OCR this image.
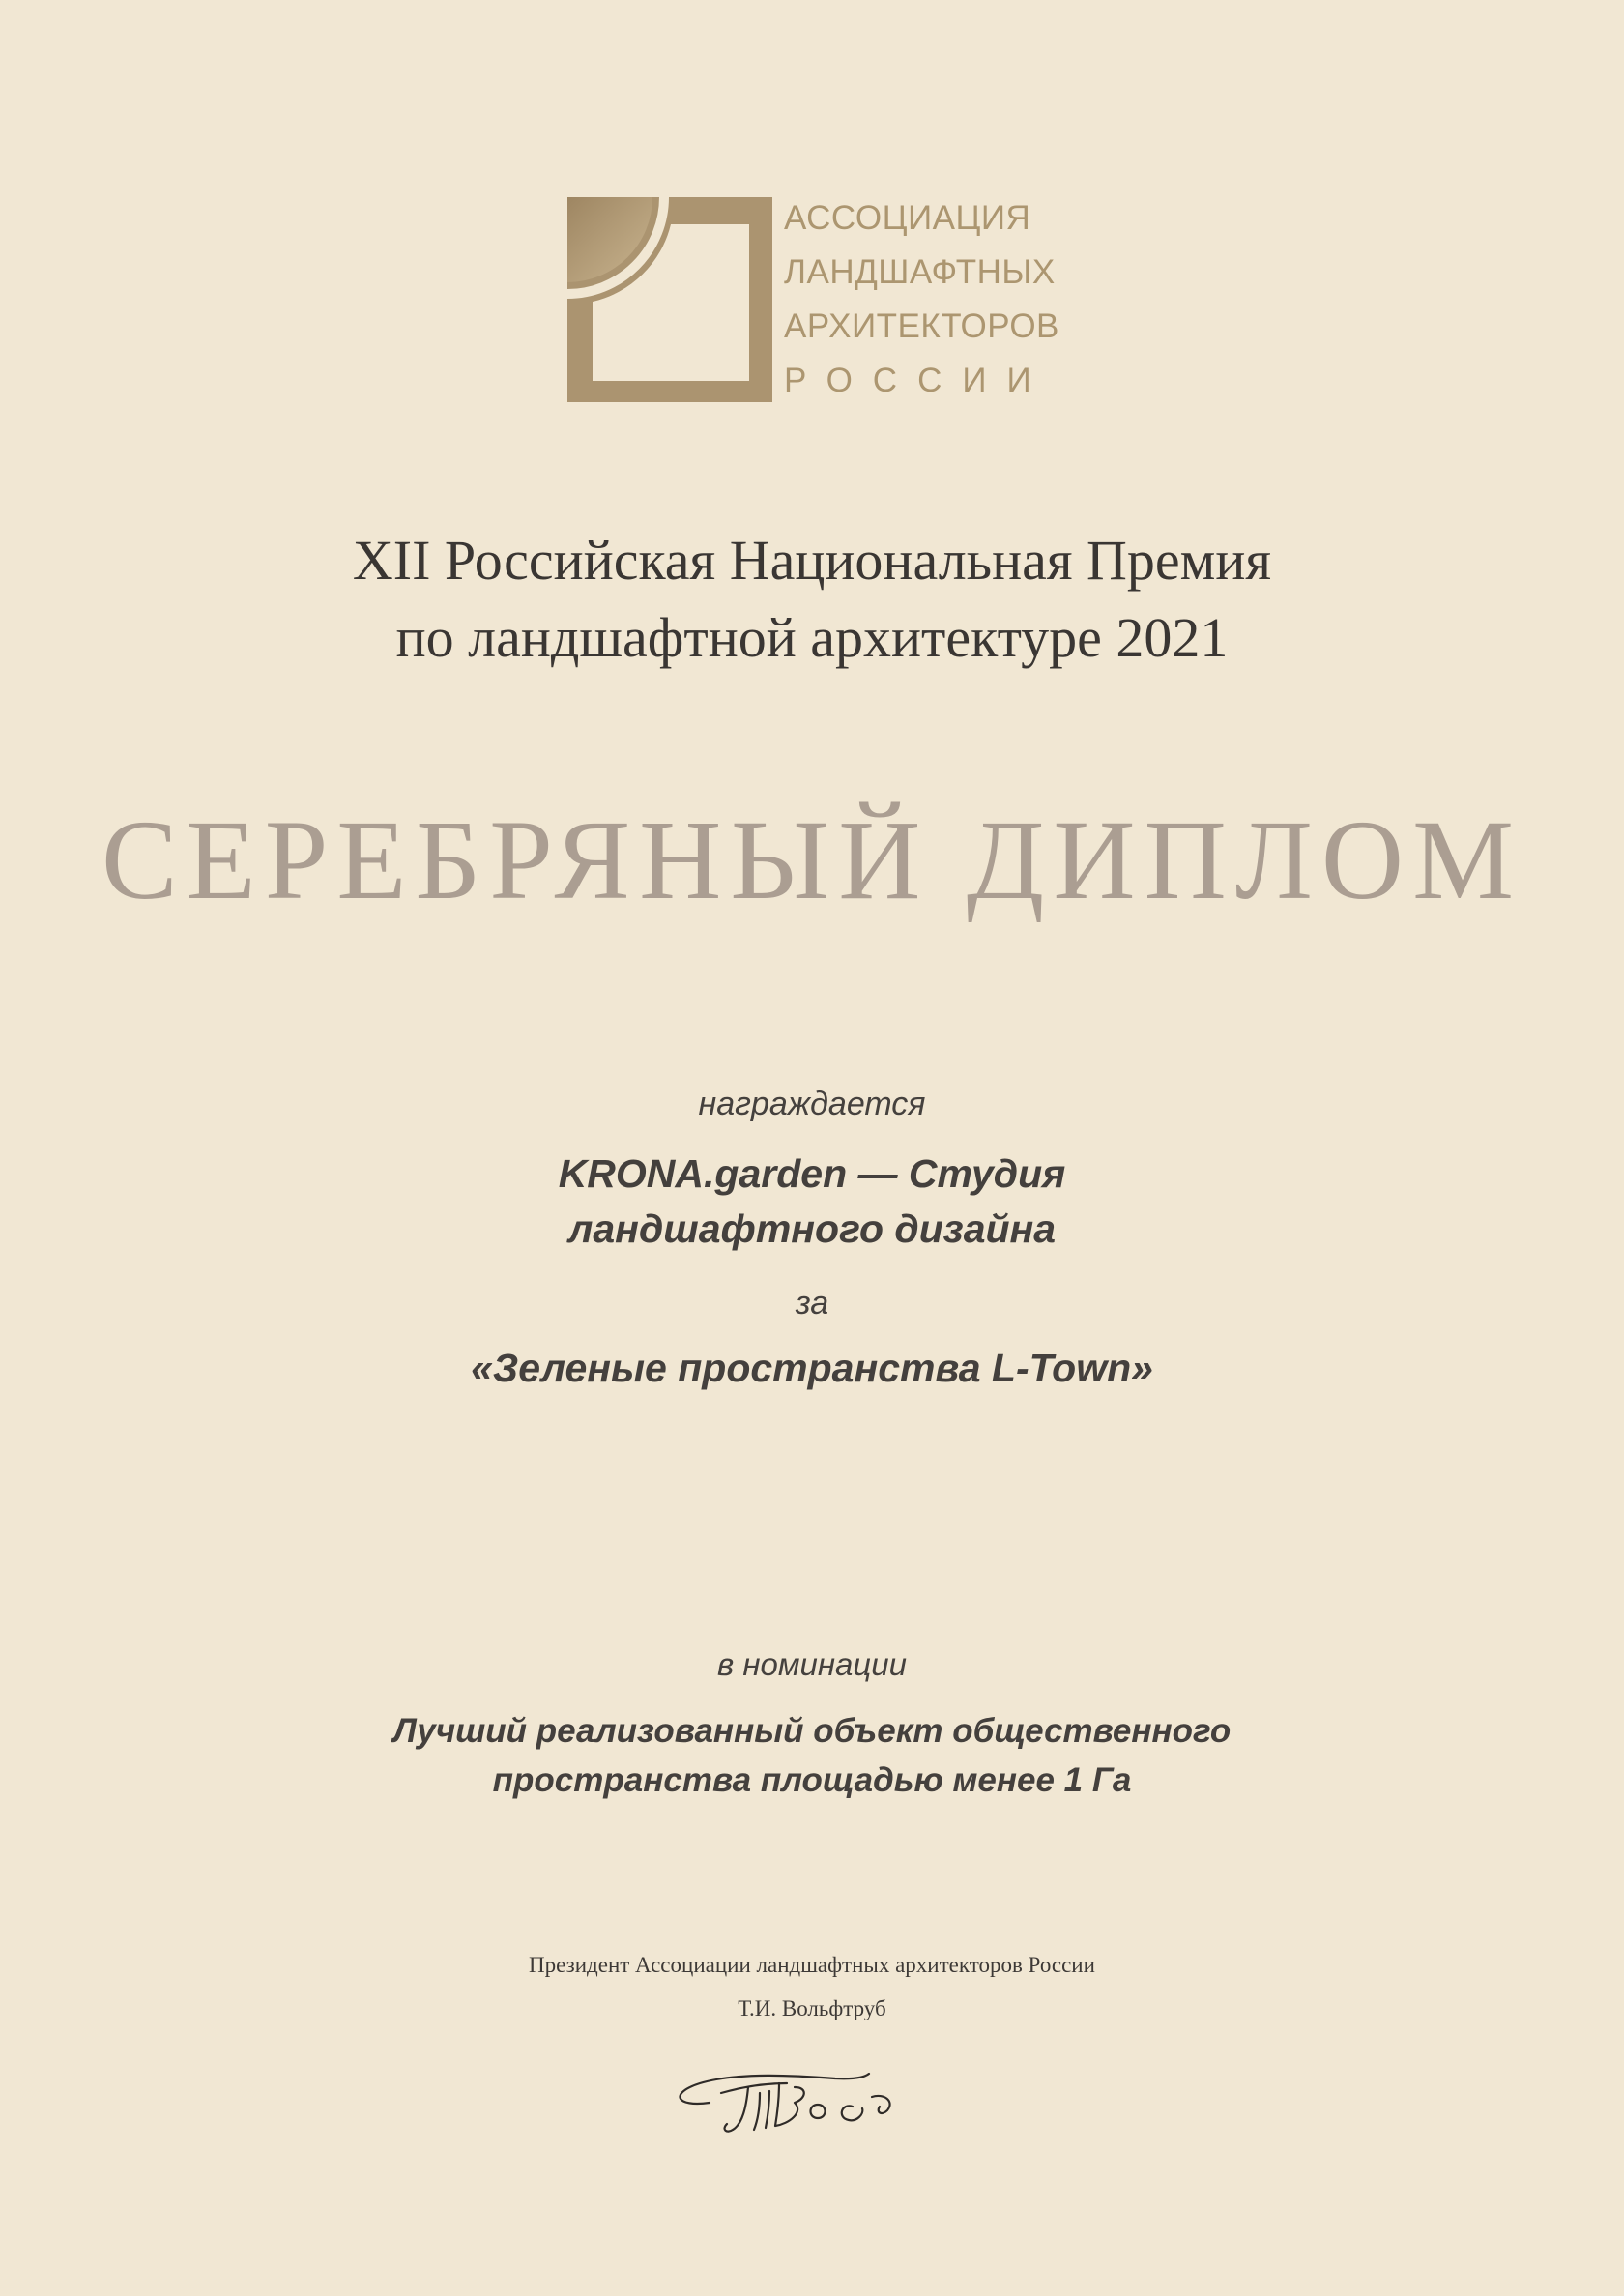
АССОЦИАЦИЯ
ЛАНДШАФТНЫХ
АРХИТЕКТОРОВ
РОССИИ
XII Российская Национальная Премия
по ландшафтной архитектуре 2021
СЕРЕБРЯНЫЙ ДИПЛОМ
награждается
KRONA.garden — Студия
ландшафтного дизайна
за
«Зеленые пространства L-Town»
в номинации
Лучший реализованный объект общественного
пространства площадью менее 1 Га
Президент Ассоциации ландшафтных архитекторов России
Т.И. Вольфтруб
